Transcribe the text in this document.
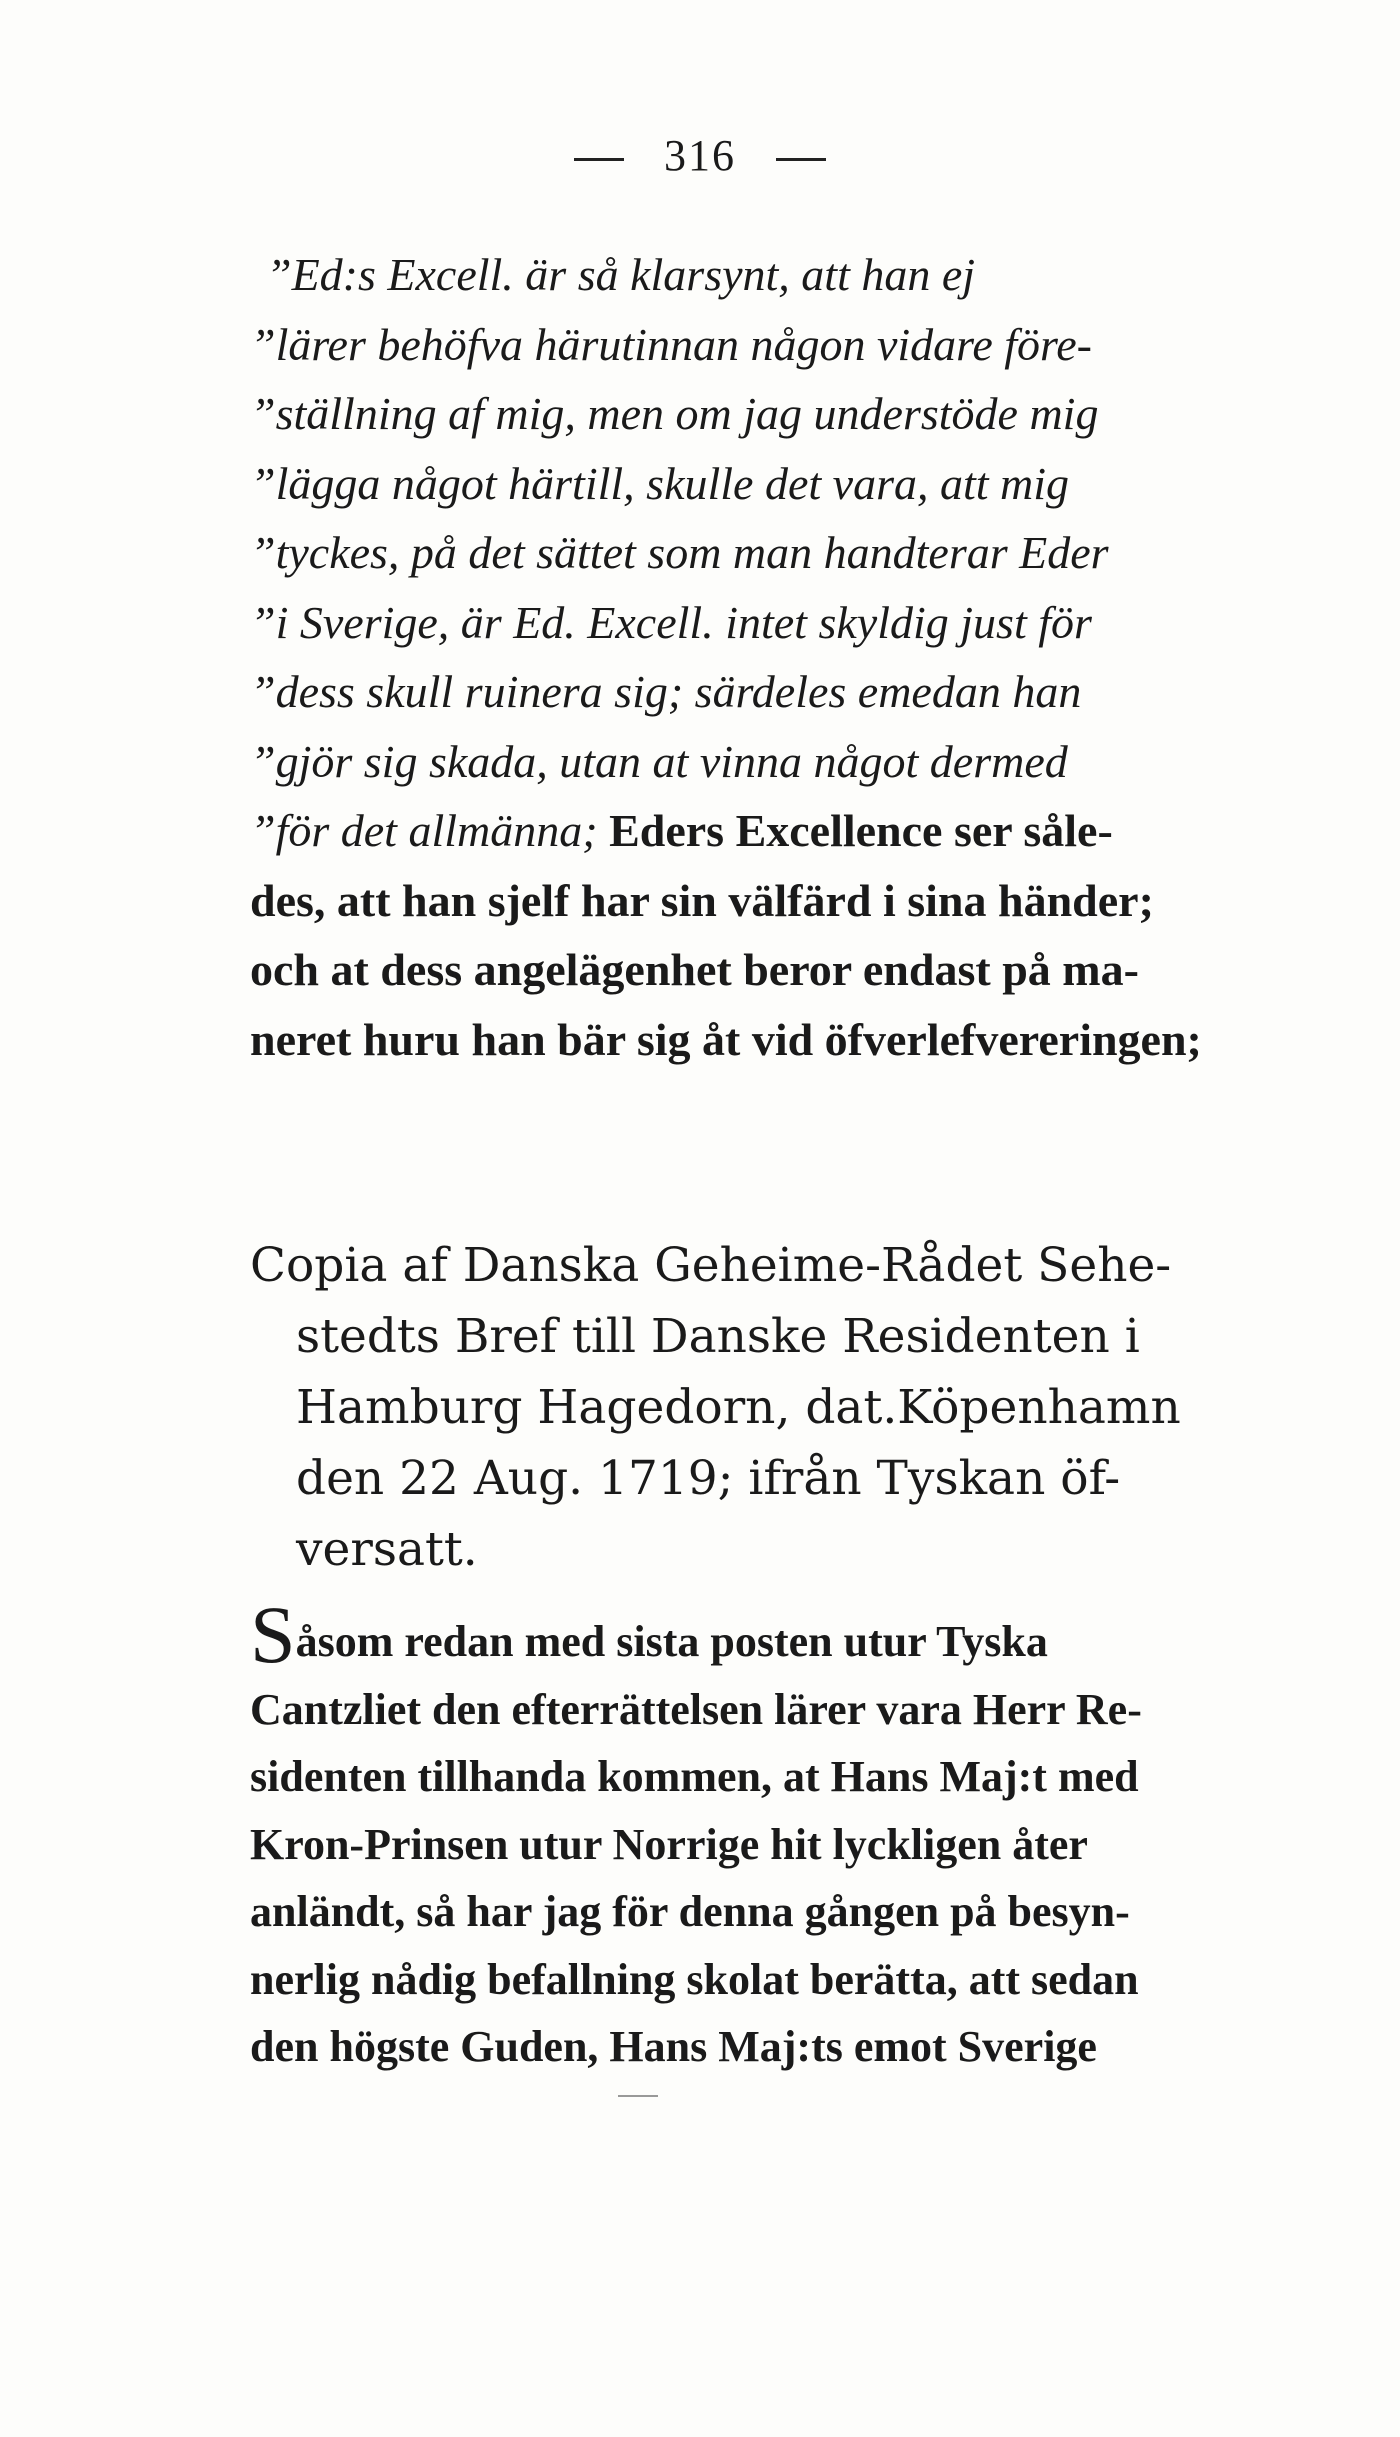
316
”Ed:s Excell. är så klarsynt, att han ej
”lärer behöfva härutinnan någon vidare före-
”ställning af mig, men om jag understöde mig
”lägga något härtill, skulle det vara, att mig
”tyckes, på det sättet som man handterar Eder
”i Sverige, är Ed. Excell. intet skyldig just för
”dess skull ruinera sig; särdeles emedan han
”gjör sig skada, utan at vinna något dermed
”för det allmänna; Eders Excellence ser såle-
des, att han sjelf har sin välfärd i sina händer;
och at dess angelägenhet beror endast på ma-
neret huru han bär sig åt vid öfverlefvereringen;
Copia af Danska Geheime-Rådet Sehe-
stedts Bref till Danske Residenten i
Hamburg Hagedorn, dat.Köpenhamn
den 22 Aug. 1719; ifrån Tyskan öf-
versatt.
Såsom redan med sista posten utur Tyska
Cantzliet den efterrättelsen lärer vara Herr Re-
sidenten tillhanda kommen, at Hans Maj:t med
Kron-Prinsen utur Norrige hit lyckligen åter
anländt, så har jag för denna gången på besyn-
nerlig nådig befallning skolat berätta, att sedan
den högste Guden, Hans Maj:ts emot Sverige
